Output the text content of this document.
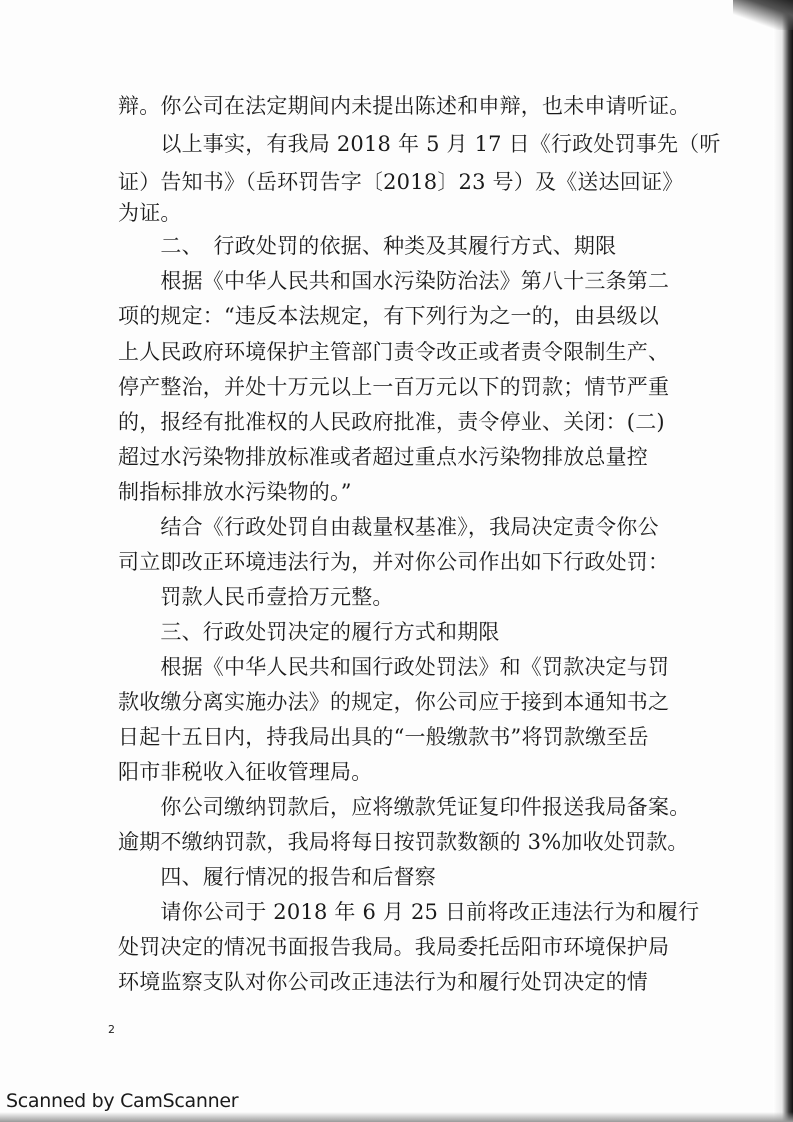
辩。你公司在法定期间内未提出陈述和申辩，也未申请听证。
　　以上事实，有我局 2018 年 5 月 17 日《行政处罚事先（听
证）告知书》（岳环罚告字〔2018〕23 号）及《送达回证》
为证。
　　二、　行政处罚的依据、种类及其履行方式、期限
　　根据《中华人民共和国水污染防治法》第八十三条第二
项的规定：“违反本法规定，有下列行为之一的，由县级以
上人民政府环境保护主管部门责令改正或者责令限制生产、
停产整治，并处十万元以上一百万元以下的罚款；情节严重
的，报经有批准权的人民政府批准，责令停业、关闭：(二)
超过水污染物排放标准或者超过重点水污染物排放总量控
制指标排放水污染物的。”
　　结合《行政处罚自由裁量权基准》，我局决定责令你公
司立即改正环境违法行为，并对你公司作出如下行政处罚：
　　罚款人民币壹拾万元整。
　　三、行政处罚决定的履行方式和期限
　　根据《中华人民共和国行政处罚法》和《罚款决定与罚
款收缴分离实施办法》的规定，你公司应于接到本通知书之
日起十五日内，持我局出具的“一般缴款书”将罚款缴至岳
阳市非税收入征收管理局。
　　你公司缴纳罚款后，应将缴款凭证复印件报送我局备案。
逾期不缴纳罚款，我局将每日按罚款数额的 3%加收处罚款。
　　四、履行情况的报告和后督察
　　请你公司于 2018 年 6 月 25 日前将改正违法行为和履行
处罚决定的情况书面报告我局。我局委托岳阳市环境保护局
环境监察支队对你公司改正违法行为和履行处罚决定的情
2
Scanned by CamScanner
